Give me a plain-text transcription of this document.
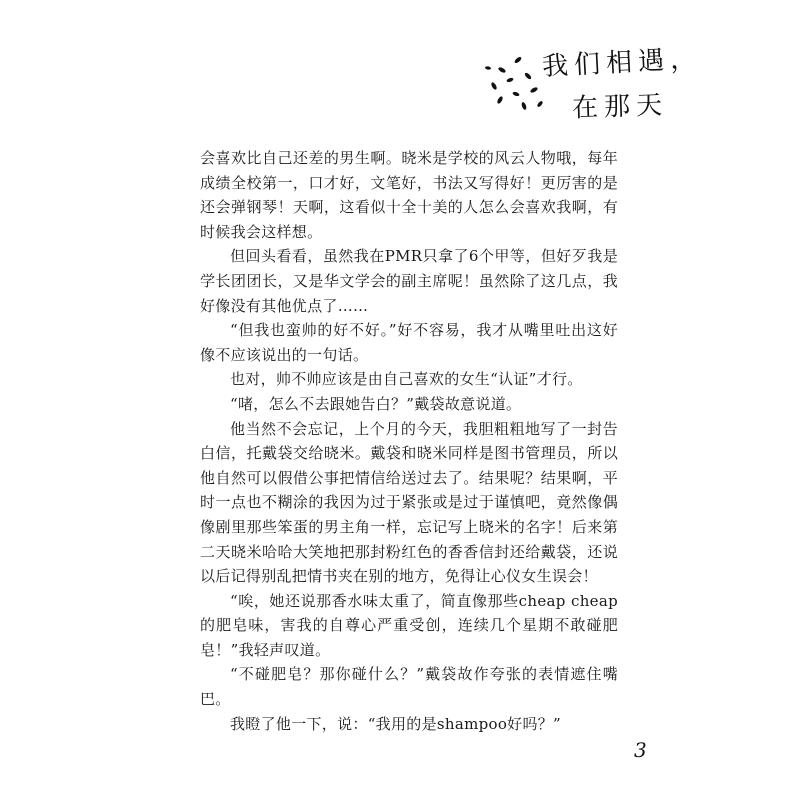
我们相遇，
在那天

会喜欢比自己还差的男生啊。晓米是学校的风云人物哦，每年成绩全校第一，口才好，文笔好，书法又写得好！更厉害的是还会弹钢琴！天啊，这看似十全十美的人怎么会喜欢我啊，有时候我会这样想。

但回头看看，虽然我在PMR只拿了6个甲等，但好歹我是学长团团长，又是华文学会的副主席呢！虽然除了这几点，我好像没有其他优点了……

“但我也蛮帅的好不好。”好不容易，我才从嘴里吐出这好像不应该说出的一句话。

也对，帅不帅应该是由自己喜欢的女生“认证”才行。

“啫，怎么不去跟她告白？”戴袋故意说道。

他当然不会忘记，上个月的今天，我胆粗粗地写了一封告白信，托戴袋交给晓米。戴袋和晓米同样是图书管理员，所以他自然可以假借公事把情信给送过去了。结果呢？结果啊，平时一点也不糊涂的我因为过于紧张或是过于谨慎吧，竟然像偶像剧里那些笨蛋的男主角一样，忘记写上晓米的名字！后来第二天晓米哈哈大笑地把那封粉红色的香香信封还给戴袋，还说以后记得别乱把情书夹在别的地方，免得让心仪女生误会！

“唉，她还说那香水味太重了，简直像那些cheap cheap的肥皂味，害我的自尊心严重受创，连续几个星期不敢碰肥皂！”我轻声叹道。

“不碰肥皂？那你碰什么？”戴袋故作夸张的表情遮住嘴巴。

我瞪了他一下，说：“我用的是shampoo好吗？”

3
